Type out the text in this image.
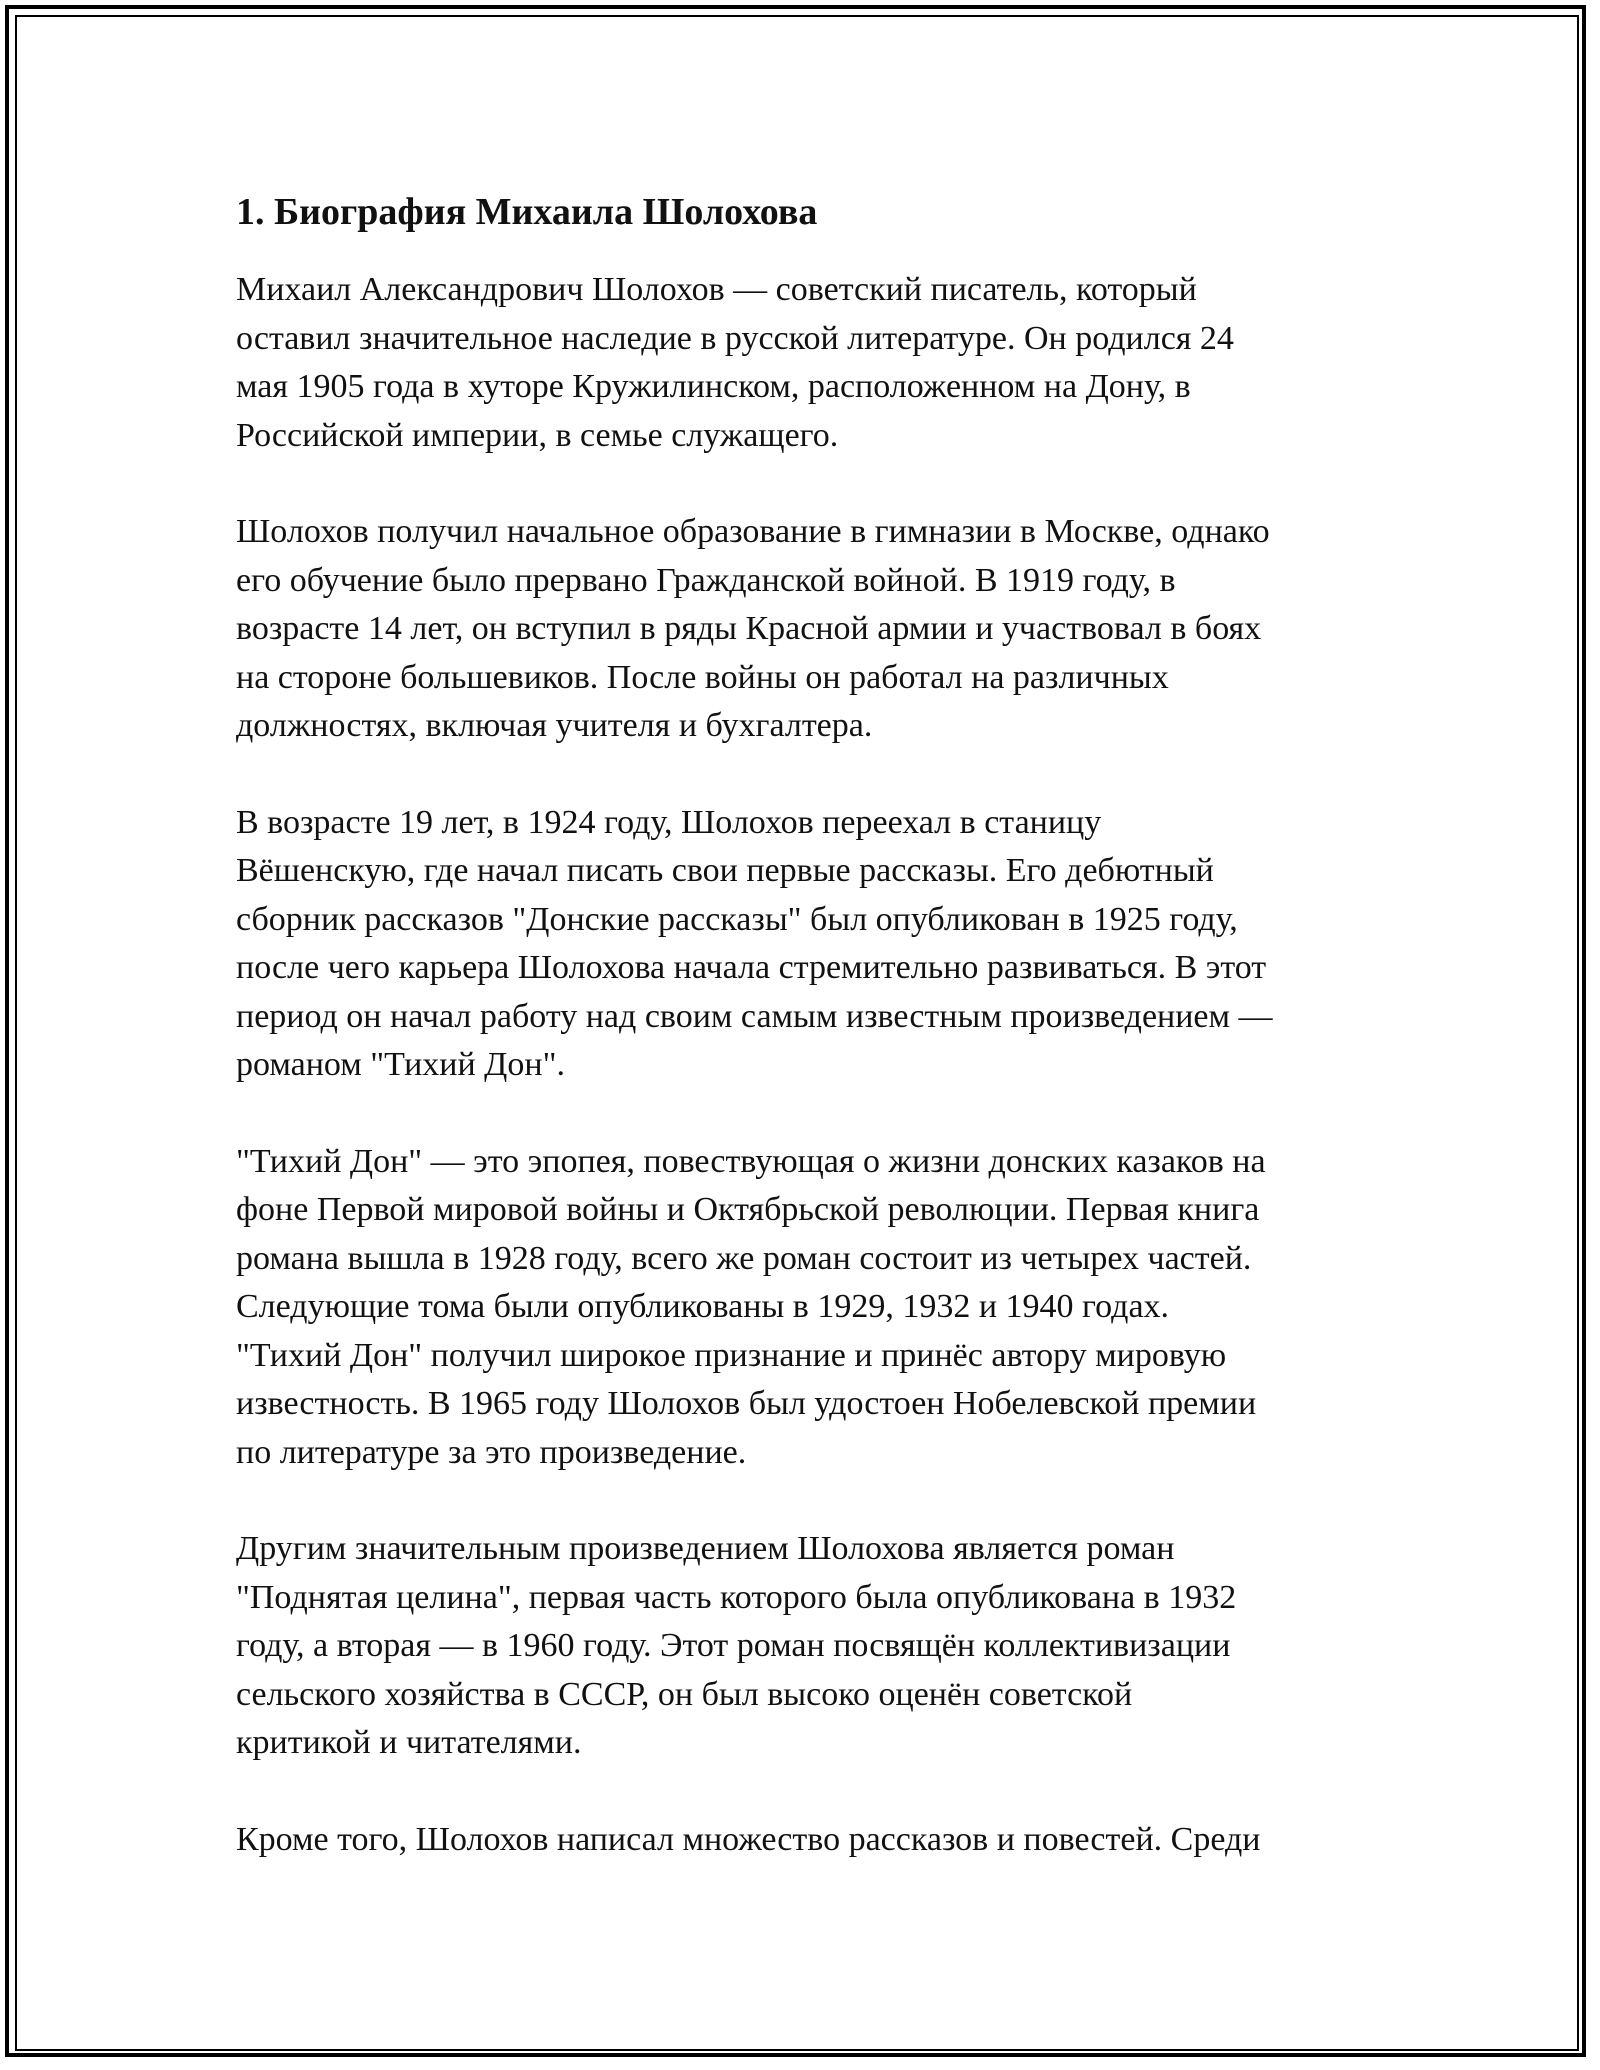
1. Биография Михаила Шолохова

Михаил Александрович Шолохов — советский писатель, который
оставил значительное наследие в русской литературе. Он родился 24
мая 1905 года в хуторе Кружилинском, расположенном на Дону, в
Российской империи, в семье служащего.

Шолохов получил начальное образование в гимназии в Москве, однако
его обучение было прервано Гражданской войной. В 1919 году, в
возрасте 14 лет, он вступил в ряды Красной армии и участвовал в боях
на стороне большевиков. После войны он работал на различных
должностях, включая учителя и бухгалтера.

В возрасте 19 лет, в 1924 году, Шолохов переехал в станицу
Вёшенскую, где начал писать свои первые рассказы. Его дебютный
сборник рассказов "Донские рассказы" был опубликован в 1925 году,
после чего карьера Шолохова начала стремительно развиваться. В этот
период он начал работу над своим самым известным произведением —
романом "Тихий Дон".

"Тихий Дон" — это эпопея, повествующая о жизни донских казаков на
фоне Первой мировой войны и Октябрьской революции. Первая книга
романа вышла в 1928 году, всего же роман состоит из четырех частей.
Следующие тома были опубликованы в 1929, 1932 и 1940 годах.
"Тихий Дон" получил широкое признание и принёс автору мировую
известность. В 1965 году Шолохов был удостоен Нобелевской премии
по литературе за это произведение.

Другим значительным произведением Шолохова является роман
"Поднятая целина", первая часть которого была опубликована в 1932
году, а вторая — в 1960 году. Этот роман посвящён коллективизации
сельского хозяйства в СССР, он был высоко оценён советской
критикой и читателями.

Кроме того, Шолохов написал множество рассказов и повестей. Среди
